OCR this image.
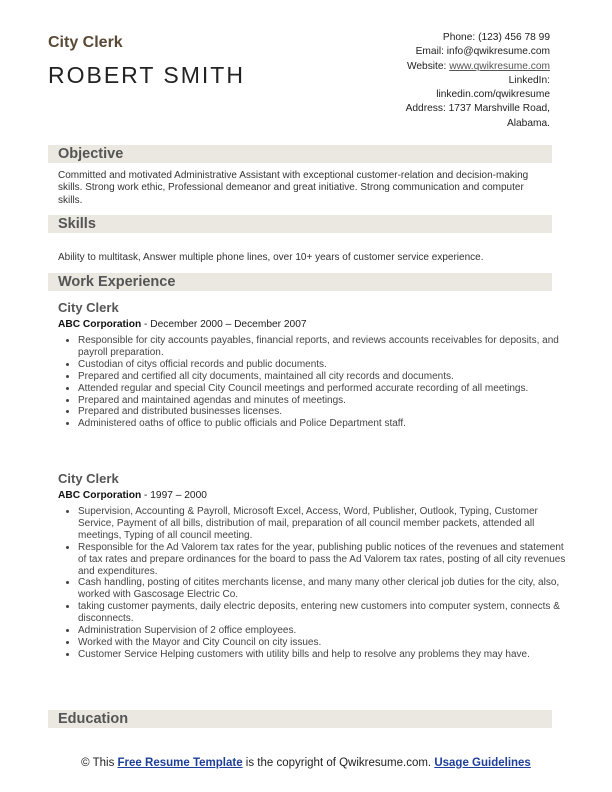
City Clerk
ROBERT SMITH
Phone: (123) 456 78 99
Email: info@qwikresume.com
Website: www.qwikresume.com
LinkedIn:
linkedin.com/qwikresume
Address: 1737 Marshville Road,
Alabama.
Objective
Committed and motivated Administrative Assistant with exceptional customer-relation and decision-making skills. Strong work ethic, Professional demeanor and great initiative. Strong communication and computer skills.
Skills
Ability to multitask, Answer multiple phone lines, over 10+ years of customer service experience.
Work Experience
City Clerk
ABC Corporation - December 2000 – December 2007
• Responsible for city accounts payables, financial reports, and reviews accounts receivables for deposits, and payroll preparation.
• Custodian of citys official records and public documents.
• Prepared and certified all city documents, maintained all city records and documents.
• Attended regular and special City Council meetings and performed accurate recording of all meetings.
• Prepared and maintained agendas and minutes of meetings.
• Prepared and distributed businesses licenses.
• Administered oaths of office to public officials and Police Department staff.
City Clerk
ABC Corporation - 1997 – 2000
• Supervision, Accounting & Payroll, Microsoft Excel, Access, Word, Publisher, Outlook, Typing, Customer Service, Payment of all bills, distribution of mail, preparation of all council member packets, attended all meetings, Typing of all council meeting.
• Responsible for the Ad Valorem tax rates for the year, publishing public notices of the revenues and statement of tax rates and prepare ordinances for the board to pass the Ad Valorem tax rates, posting of all city revenues and expenditures.
• Cash handling, posting of citites merchants license, and many many other clerical job duties for the city, also, worked with Gascosage Electric Co.
• taking customer payments, daily electric deposits, entering new customers into computer system, connects & disconnects.
• Administration Supervision of 2 office employees.
• Worked with the Mayor and City Council on city issues.
• Customer Service Helping customers with utility bills and help to resolve any problems they may have.
Education
© This Free Resume Template is the copyright of Qwikresume.com. Usage Guidelines
